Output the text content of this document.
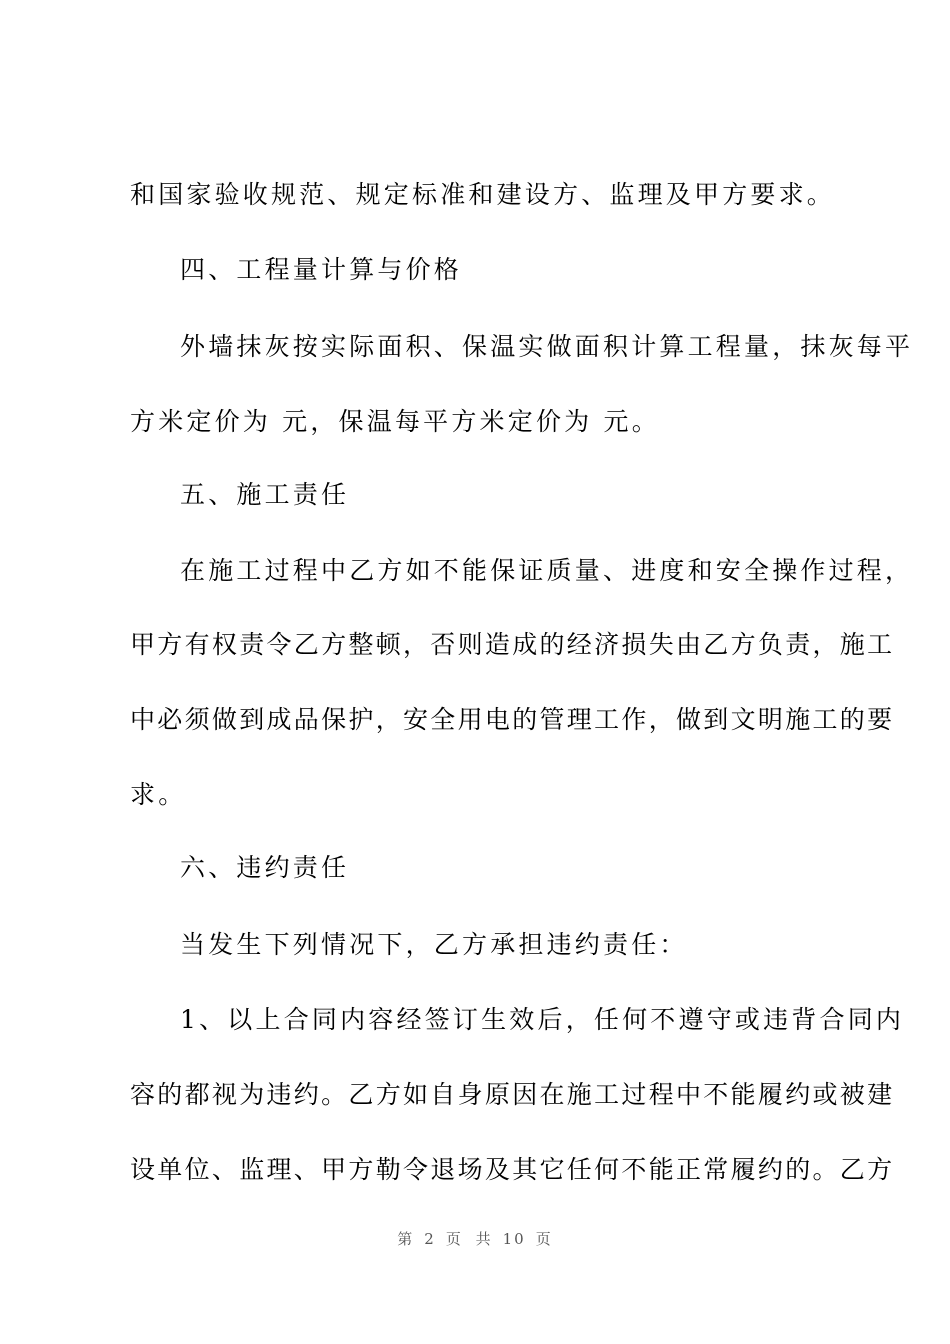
和国家验收规范、规定标准和建设方、监理及甲方要求。

四、工程量计算与价格

外墙抹灰按实际面积、保温实做面积计算工程量，抹灰每平

方米定价为 元，保温每平方米定价为 元。

五、施工责任

在施工过程中乙方如不能保证质量、进度和安全操作过程，

甲方有权责令乙方整顿，否则造成的经济损失由乙方负责，施工

中必须做到成品保护，安全用电的管理工作，做到文明施工的要

求。

六、违约责任

当发生下列情况下，乙方承担违约责任：

1、以上合同内容经签订生效后，任何不遵守或违背合同内

容的都视为违约。乙方如自身原因在施工过程中不能履约或被建

设单位、监理、甲方勒令退场及其它任何不能正常履约的。乙方

第 2 页 共 10 页
